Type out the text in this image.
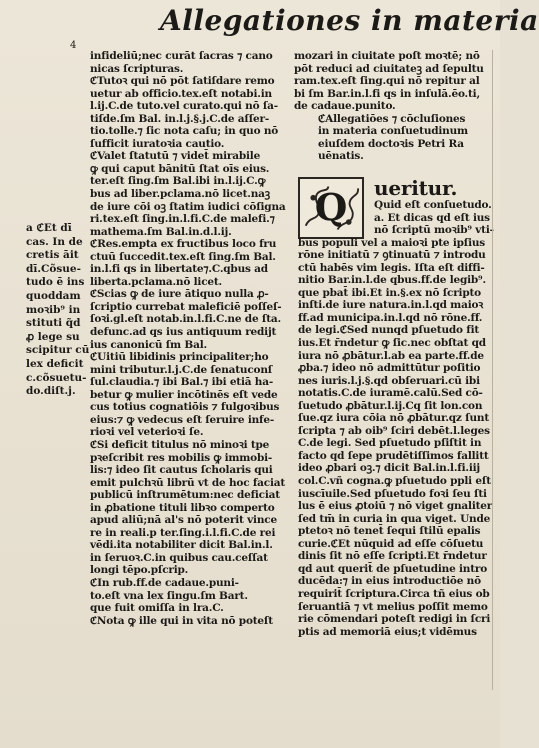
Allegationes in materia
4
a ℭEt dī
cas. In de
cretis āit
dī.Cõsue-
tudo ē ins
quoddam
moꝛib⁹ in
stituti q̃d
ꝓ lege su
scipitur cū
lex deficit
c.cõsuetu-
do.diſt.j.
infideliū;nec curāt ſacras ⁊ cano
nicas ſcripturas.
ℭTutoꝛ qui nō pōt ſatiſdare remo
uetur ab officio.tex.eſt notabi.in
l.ij.C.de tuto.vel curato.qui nō ſa-
tiſde.ſm Bal. in.l.j.§.j.C.de aſſer-
tio.tolle.⁊ ſic nota caſu; in quo nō
ſufficit iuratoꝛia cautio.
ℭValet ſtatutū ⁊ videt̄ mirabile
ꝙ qui caput bānitū ſtat oīs eius.
ter.eſt ſing.ſm Bal.ibi in.l.ij.C.ꝙ
bus ad liber.pclama.nō licet.naꝫ
de iure cōi oꝫ ſtatim iudici cōſigna
ri.tex.eſt ſing.in.l.fi.C.de malefi.⁊
mathema.ſm Bal.in.d.l.ij.
ℭRes.empta ex fructibus loco fru
ctuū ſuccedit.tex.eſt ſing.ſm Bal.
in.l.fi qs in libertate⁊.C.qbus ad
liberta.pclama.nō licet.
ℭScias ꝙ de iure ātiquo nulla ꝓ-
ſcriptio currebat maleficiē poſſeſ-
ſoꝛi.gl.eſt notab.in.l.fi.C.ne de ſta.
defunc.ad qs ius antiquum redijt
ius canonicū ſm Bal.
ℭUitiū libidinis principaliter;ho
mini tributur.l.j.C.de ſenatuconſ
ſul.claudia.⁊ ibi Bal.⁊ ibi etiā ha-
betur ꝙ mulier incōtinēs eſt vede
cus totius cognatiōis ⁊ fulgoꝛibus
eius:⁊ ꝙ vedecus eſt ſeruire infe-
rioꝛi vel veterioꝛi ſe.
ℭSi deficit titulus nō minoꝛi tpe
pꝛeſcribit res mobilis ꝙ immobi-
lis:⁊ ideo ſit cautus ſcholaris qui
emit pulchꝛū librū vt de hoc faciat
publicū inſtrumētum:nec deficiat
in ꝓbatione tituli libꝛo comperto
apud aliū;nā al's nō poterit vince
re in reali.p ter.ſing.i.l.fi.C.de rei
vēdi.ita notabiliter dicit Bal.in.l.
in ſeruoꝛ.C.in quibus cau.ceſſat
longi tēpo.pſcrip.
ℭIn rub.ff.de cadaue.puni-
to.eſt vna lex ſingu.ſm Bart.
que fuit omiſſa in lra.C.
ℭNota ꝙ ille qui in vita nō poteſt
mozari in ciuitate poſt moꝛtē; nō
pōt reduci ad ciuitateꝫ ad ſepultu
ram.tex.eſt ſing.qui nō repitur al
bi ſm Bar.in.l.fi qs in inſulā.ēo.ti,
de cadaue.punito.
ℭAllegatiōes ⁊ cōcluſiones
in materia conſuetudinum
eiuſdem doctoꝛis Petri Ra
uēnatis.
Q	ueritur.
Quid eſt conſuetudo.
a. Et dicas qd eſt ius
nō ſcriptū moꝛib⁹ vti-
bus populi vel a maioꝛi pte ipſius
rōne initiatū ⁊ ꝯtinuatū ⁊ introdu
ctū habēs vim legis. Iſta eſt diffi-
nitio Bar.in.l.de qbus.ff.de legib⁹.
que pbat̄ ibi.Et in.§.ex nō ſcripto
inſti.de iure natura.in.l.qd maioꝛ
ff.ad municipa.in.l.qd nō rōne.ff.
de legi.ℭSed nunqd pſuetudo fit
ius.Et r̄ndetur ꝙ ſic.nec obſtat qd
iura nō ꝓbātur.l.ab ea parte.ff.de
ꝓba.⁊ ideo nō admittūtur poſitio
nes iuris.l.j.§.qd obſeruari.cū ibi
notatis.C.de iuramē.calū.Sed cō-
ſuetudo ꝓbātur.l.ij.Cq ſit lon.con
ſue.qz iura cōia nō ꝓbātur.qz ſunt
ſcripta ⁊ ab oib⁹ ſciri debēt.l.leges
C.de legi. Sed pſuetudo pſiſtit in
facto qd ſepe prudētiſſimos fallitt
ideo ꝓbari oꝫ.⁊ dicit Bal.in.l.fi.iij
col.C.vñ cogna.ꝙ pſuetudo ppli eſt
iuscīuile.Sed pſuetudo foꝛi ſeu ſti
lus ē eius ꝓtoiū ⁊ nō viget gnaliter
ſed tm̄ in curia in qua viget. Unde
ptetoꝛ nō tenet̄ ſequi ſtilū epalis
curie.ℭEt nūquid ad eſſe cōſuetu
dinis ſit nō eſſe ſcripti.Et r̄ndetur
qd aut querit̄ de pſuetudine intro
ducēda:⁊ in eius introductiōe nō
requirit̄ ſcriptura.Circa tñ eius ob
ſeruantiā ⁊ vt melius poſſit memo
rie cōmendari poteſt redigi in ſcri
ptis ad memoriā eius;t vidēmus
